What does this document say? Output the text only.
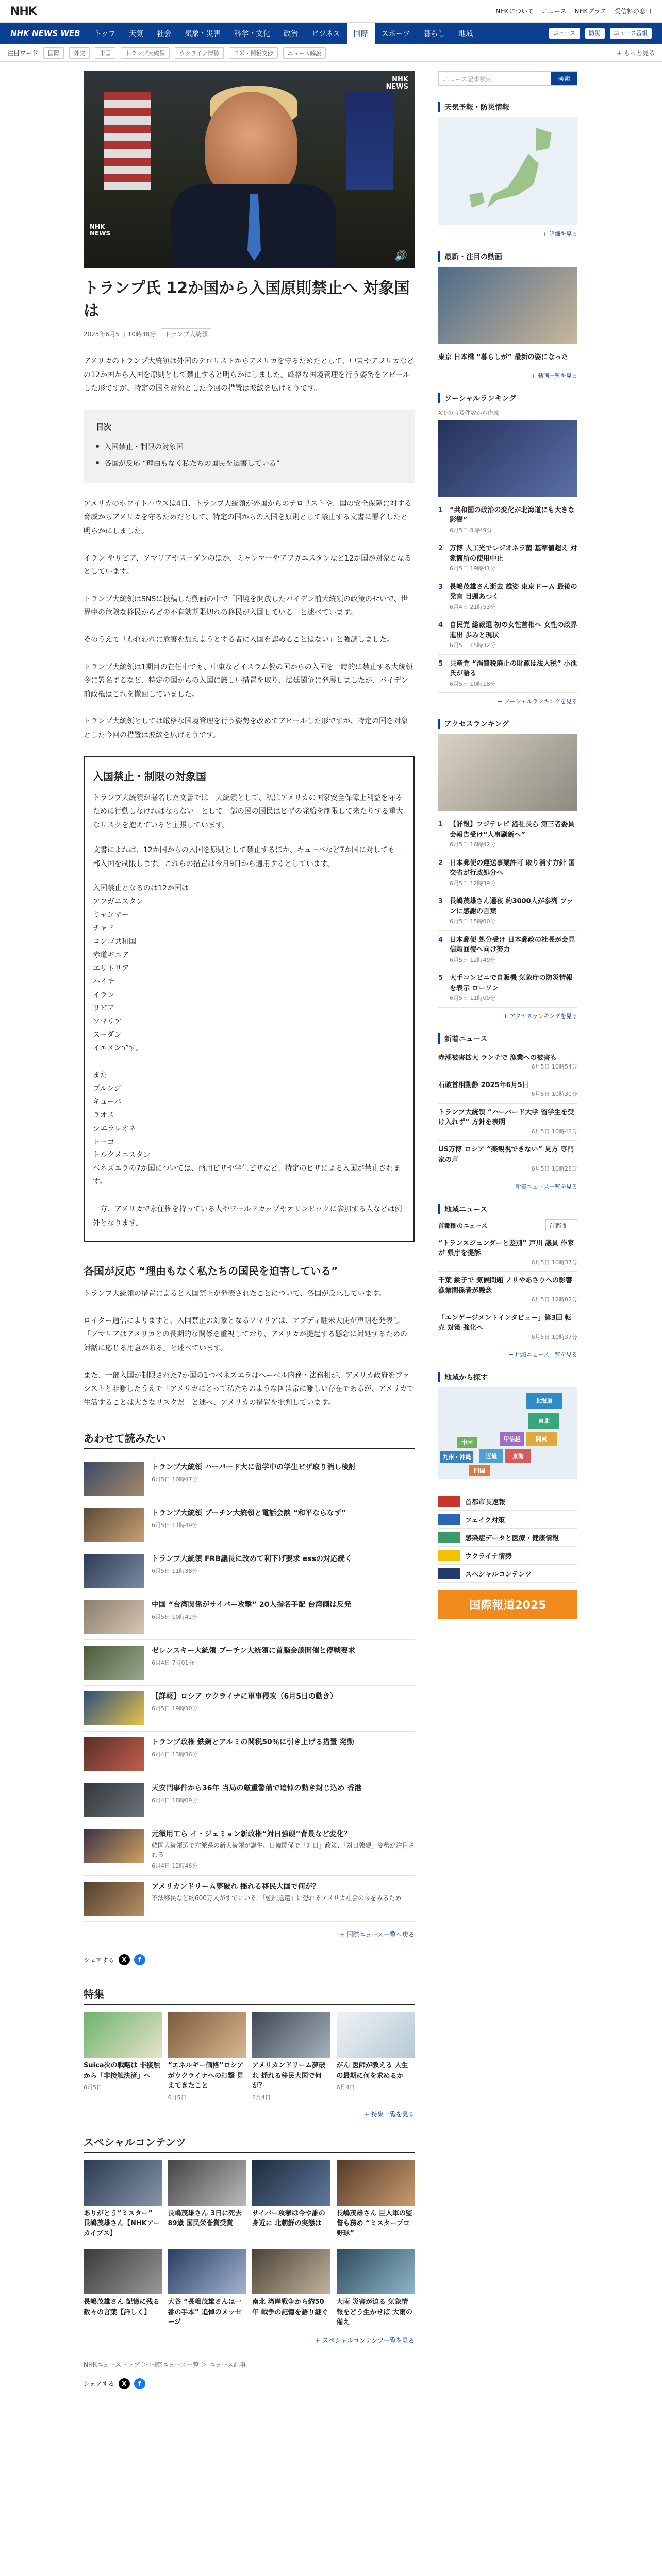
NHK	NHKについて ニュース NHKプラス 受信料の窓口
NHK NEWS WEB	トップ	天気	社会	気象・災害	科学・文化	政治	ビジネス	国際	スポーツ	暮らし	地域	ニュース	防災	ニュース番組
注目ワード	国際	外交	米国	トランプ大統領	ウクライナ情勢	日米・関税交渉	ニュース解説	+ もっと見る
NHK
NEWS
NHK
NEWS
🔊
トランプ氏 12か国から入国原則禁止へ 対象国は
2025年6月5日 10時38分	トランプ大統領

アメリカのトランプ大統領は外国のテロリストからアメリカを守るためだとして、中東やアフリカなどの12か国から入国を原則として禁止すると明らかにしました。厳格な国境管理を行う姿勢をアピールした形ですが、特定の国を対象とした今回の措置は波紋を広げそうです。

目次
入国禁止・制限の対象国
各国が反応 “理由もなく私たちの国民を迫害している”

アメリカのホワイトハウスは4日、トランプ大統領が外国からのテロリストや、国の安全保障に対する脅威からアメリカを守るためだとして、特定の国からの入国を原則として禁止する文書に署名したと明らかにしました。

イラン やリビア、ソマリアやスーダンのほか、ミャンマーやアフガニスタンなど12か国が対象となるとしています。

トランプ大統領はSNSに投稿した動画の中で「国境を開放したバイデン前大統領の政策のせいで、世界中の危険な移民からどの不有効期限切れの移民が入国している」と述べています。

そのうえで「われわれに危害を加えようとする者に入国を認めることはない」と強調しました。

トランプ大統領は1期目の在任中でも、中東などイスラム教の国からの入国を一時的に禁止する大統領令に署名するなど、特定の国からの入国に厳しい措置を取り、法廷闘争に発展しましたが、バイデン前政権はこれを撤回していました。

トランプ大統領としては厳格な国境管理を行う姿勢を改めてアピールした形ですが、特定の国を対象とした今回の措置は波紋を広げそうです。

入国禁止・制限の対象国

トランプ大統領が署名した文書では「大統領として、私はアメリカの国家安全保障上利益を守るために行動しなければならない」として一部の国の国民はビザの発給を制限して来たりする重大なリスクを抱えていると主張しています。

文書によれば、12か国からの入国を原則として禁止するほか、キューバなど7か国に対しても一部入国を制限します。これらの措置は今月9日から適用するとしています。

入国禁止となるのは12か国は
アフガニスタン
ミャンマー
チャド
コンゴ共和国
赤道ギニア
エリトリア
ハイチ
イラン
リビア
ソマリア
スーダン
イエメンです。
また
ブルンジ
キューバ
ラオス
シエラレオネ
トーゴ
トルクメニスタン
ベネズエラの7か国については、商用ビザや学生ビザなど、特定のビザによる入国が禁止されます。

一方、アメリカで永住権を持っている人やワールドカップやオリンピックに参加する人などは例外となります。

各国が反応 “理由もなく私たちの国民を迫害している”

トランプ大統領の措置によると入国禁止が発表されたことについて、各国が反応しています。

ロイター通信によりますと、入国禁止の対象となるソマリアは、アブディ駐米大使が声明を発表し「ソマリアはアメリカとの長期的な関係を重視しており、アメリカが提起する懸念に対処するための対話に応じる用意がある」と述べています。

また、一部入国が制限された7か国の1つベネズエラはヘーベル内務・法務相が、アメリカ政府をファシストと非難したうえで「アメリカにとって私たちのような国は常に難しい存在であるが、アメリカで生活することは大きなリスクだ」と述べ、アメリカの措置を批判しています。

あわせて読みたい
トランプ大統領 ハーバード大に留学中の学生ビザ取り消し検討
6月5日 10時47分
トランプ大統領 プーチン大統領と電話会談 “和平ならなず”
6月5日 11時49分
トランプ大統領 FRB議長に改めて利下げ要求 essの対応続く
6月5日 11時38分
中国 “台湾関係がサイバー攻撃” 20人指名手配 台湾側は反発
6月5日 10時42分
ゼレンスキー大統領 プーチン大統領に首脳会談開催と停戦要求
6月4日 7時01分
【詳報】ロシア ウクライナに軍事侵攻（6月5日の動き）
6月5日 19時30分
トランプ政権 鉄鋼とアルミの関税50％に引き上げる措置 発動
6月4日 13時36分
天安門事件から36年 当局の厳重警備で追悼の動き封じ込め 香港
6月4日 18時09分
元徴用工ら イ・ジェミョン新政権“対日強硬”背景など変化？
韓国大統領選で左派系の新大統領が誕生、日韓関係で「対日」政策、「対日強硬」姿勢が注目される
6月4日 12時46分
アメリカンドリーム夢破れ 揺れる移民大国で何が？
不法移民など約600万人がすでにいる。「強制送還」に恐れるアメリカ社会の今をみるため
+ 国際ニュース一覧へ戻る
シェアする	X	f
特集
Suica次の戦略は 非接触から「非接触決済」へ
6月5日
“エネルギー価格”ロシアがウクライナへの打撃 見えてきたこと
6月5日
アメリカンドリーム夢破れ 揺れる移民大国で何が？
6月4日
がん 医師が教える 人生の最期に何を求めるか
6月4日
+ 特集一覧を見る
スペシャルコンテンツ
ありがとう“ミスター” 長嶋茂雄さん【NHKアーカイブス】
長嶋茂雄さん 3日に死去 89歳 国民栄誉賞受賞
サイバー攻撃は今や誰の身近に 北朝鮮の実態は
長嶋茂雄さん 巨人軍の監督も務め “ミスタープロ野球”
長嶋茂雄さん 記憶に残る数々の言葉【詳しく】
大谷 “長嶋茂雄さんは一番の手本” 追悼のメッセージ
南北 湾岸戦争から約50年 戦争の記憶を語り継ぐ
大雨 災害が迫る 気象情報をどう生かせば 大雨の備え
+ スペシャルコンテンツ一覧を見る
NHKニューストップ ＞ 国際ニュース一覧 ＞ ニュース記事
シェアする	X	f
ニュース記事検索	検索
天気予報・防災情報
+ 詳細を見る
最新・注目の動画
東京 日本橋 “暮らしが” 最新の姿になった
+ 動画一覧を見る
ソーシャルランキング
Xでの言及件数から作成
1 “共和国の政治の変化が北海道にも大きな影響”
6月5日 8時49分
2 万博 人工光でレジオネラ菌 基準値超え 対象箇所の使用中止
6月5日 19時41分
3 長嶋茂雄さん逝去 雄姿 東京ドーム 最後の発言 目頭あつく
6月4日 21時53分
4 自民党 総裁選 初の女性首相へ 女性の政界進出 歩みと現状
6月5日 15時32分
5 共産党 “消費税廃止の財源は法人税” 小池氏が語る
6月5日 10時18分
+ ソーシャルランキングを見る
アクセスランキング
1 【詳報】フジテレビ 港社長ら 第三者委員会報告受け“人事刷新へ”
6月5日 16時42分
2 日本郵便の運送事業許可 取り消す方針 国交省が行政処分へ
6月5日 12時39分
3 長嶋茂雄さん通夜 約3000人が参列 ファンに感謝の言葉
6月5日 15時00分
4 日本郵便 処分受け 日本郵政の社長が会見 信頼回復へ向け努力
6月5日 12時49分
5 大手コンビニで自販機 気象庁の防災情報を表示 ローソン
6月5日 11時09分
+ アクセスランキングを見る
新着ニュース
赤潮被害拡大 ランチで 漁業への被害も
6月5日 10時54分
石破首相動静 2025年6月5日
6月5日 10時30分
トランプ大統領 “ハーバード大学 留学生を受け入れず” 方針を表明
6月5日 10時48分
US万博 ロシア “楽観視できない” 見方 専門家の声
6月5日 10時28分
+ 新着ニュース一覧を見る
地域ニュース
首都圏のニュース	首都圏
“トランスジェンダーと差別” 戸川 議員 作家が 県庁を提訴
6月5日 10時37分
千葉 銚子で 気候問題 ノリやあさりへの影響 漁業関係者が懸念
6月5日 12時02分
「エンゲージメントインタビュー」第3回 転売 対策 強化へ
6月5日 10時37分
+ 地域ニュース一覧を見る
地域から探す
北海道
東北
関東
甲信越
東海
近畿
中国
四国
九州・沖縄
首都市長速報
フェイク対策
感染症データと医療・健康情報
ウクライナ情勢
スペシャルコンテンツ
国際報道2025
